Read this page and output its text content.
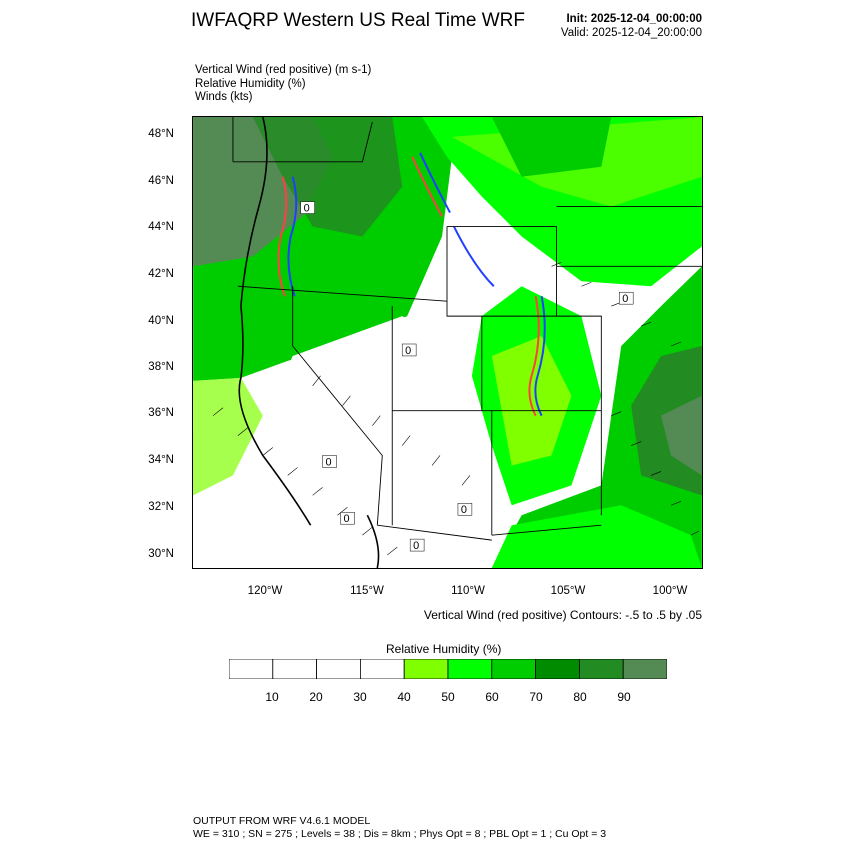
IWFAQRP Western US Real Time WRF	Init: 2025-12-04_00:00:00
Valid: 2025-12-04_20:00:00
Vertical Wind (red positive) (m s-1)
Relative Humidity (%)
Winds (kts)
48°N
46°N
44°N
42°N
40°N
38°N
36°N
34°N
32°N
30°N
120°W	115°W	110°W	105°W	100°W
0
0
0
0
0
0
0
Vertical Wind (red positive) Contours: -.5 to .5 by .05
Relative Humidity (%)
10	20	30	40	50	60	70	80	90
OUTPUT FROM WRF V4.6.1 MODEL
WE = 310 ; SN = 275 ; Levels = 38 ; Dis = 8km ; Phys Opt = 8 ; PBL Opt = 1 ; Cu Opt = 3
